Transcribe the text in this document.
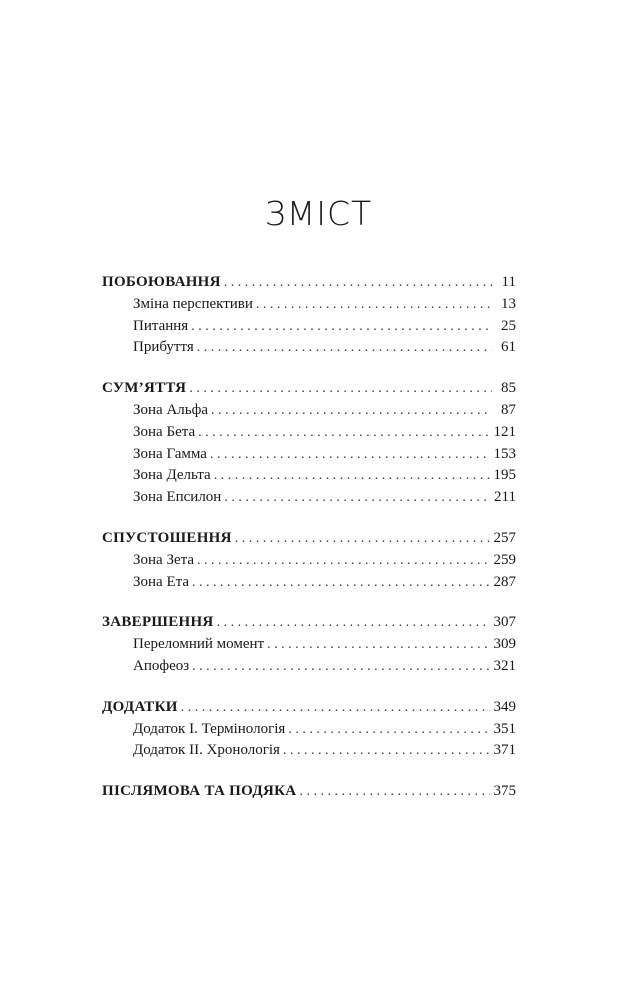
ЗМІСТ
ПОБОЮВАННЯ . . .	11
Зміна перспективи . . .	13
Питання . . .	25
Прибуття . . .	61
СУМ’ЯТТЯ . . .	85
Зона Альфа . . .	87
Зона Бета . . .	121
Зона Гамма . . .	153
Зона Дельта . . .	195
Зона Епсилон . . .	211
СПУСТОШЕННЯ . . .	257
Зона Зета . . .	259
Зона Ета . . .	287
ЗАВЕРШЕННЯ . . .	307
Переломний момент . . .	309
Апофеоз . . .	321
ДОДАТКИ . . .	349
Додаток І. Термінологія . . .	351
Додаток ІІ. Хронологія . . .	371
ПІСЛЯМОВА ТА ПОДЯКА . . .	375
